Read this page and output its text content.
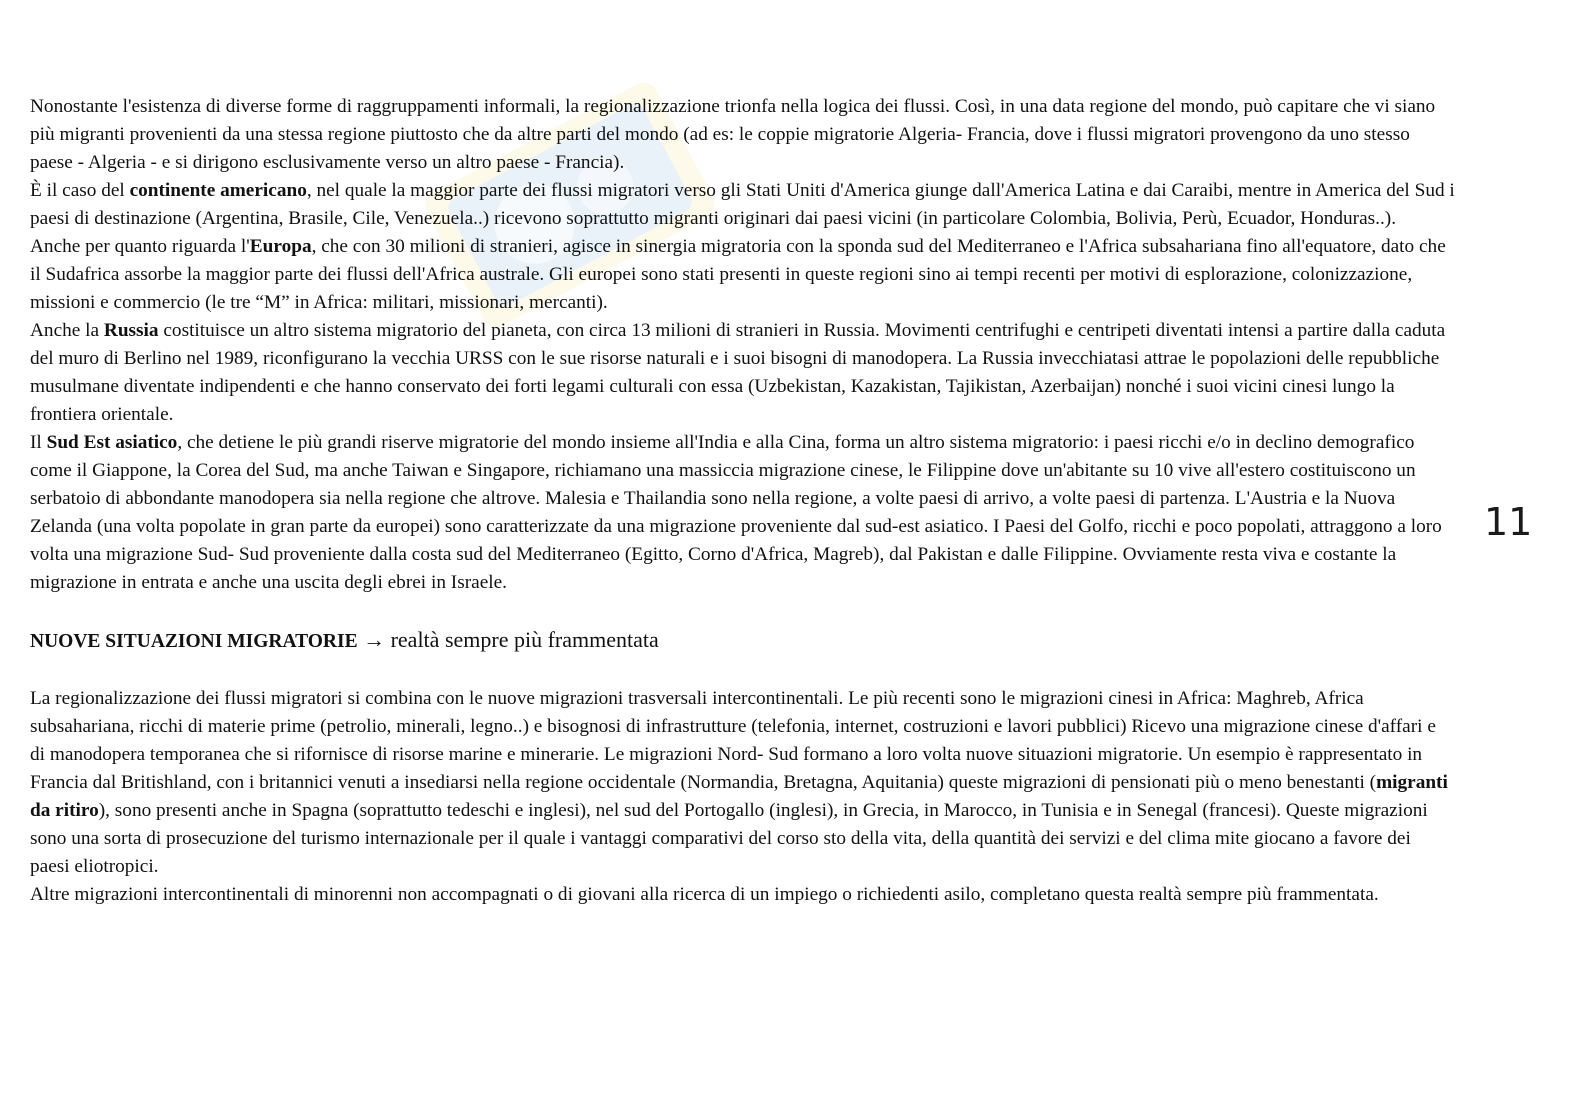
Nonostante l'esistenza di diverse forme di raggruppamenti informali, la regionalizzazione trionfa nella logica dei flussi. Così, in una data regione del mondo, può capitare che vi siano più migranti provenienti da una stessa regione piuttosto che da altre parti del mondo (ad es: le coppie migratorie Algeria- Francia, dove i flussi migratori provengono da uno stesso paese - Algeria - e si dirigono esclusivamente verso un altro paese - Francia).

È il caso del continente americano, nel quale la maggior parte dei flussi migratori verso gli Stati Uniti d'America giunge dall'America Latina e dai Caraibi, mentre in America del Sud i paesi di destinazione (Argentina, Brasile, Cile, Venezuela..) ricevono soprattutto migranti originari dai paesi vicini (in particolare Colombia, Bolivia, Perù, Ecuador, Honduras..).

Anche per quanto riguarda l'Europa, che con 30 milioni di stranieri, agisce in sinergia migratoria con la sponda sud del Mediterraneo e l'Africa subsahariana fino all'equatore, dato che il Sudafrica assorbe la maggior parte dei flussi dell'Africa australe. Gli europei sono stati presenti in queste regioni sino ai tempi recenti per motivi di esplorazione, colonizzazione, missioni e commercio (le tre “M” in Africa: militari, missionari, mercanti).

Anche la Russia costituisce un altro sistema migratorio del pianeta, con circa 13 milioni di stranieri in Russia. Movimenti centrifughi e centripeti diventati intensi a partire dalla caduta del muro di Berlino nel 1989, riconfigurano la vecchia URSS con le sue risorse naturali e i suoi bisogni di manodopera. La Russia invecchiatasi attrae le popolazioni delle repubbliche musulmane diventate indipendenti e che hanno conservato dei forti legami culturali con essa (Uzbekistan, Kazakistan, Tajikistan, Azerbaijan) nonché i suoi vicini cinesi lungo la frontiera orientale.

Il Sud Est asiatico, che detiene le più grandi riserve migratorie del mondo insieme all'India e alla Cina, forma un altro sistema migratorio: i paesi ricchi e/o in declino demografico come il Giappone, la Corea del Sud, ma anche Taiwan e Singapore, richiamano una massiccia migrazione cinese, le Filippine dove un'abitante su 10 vive all'estero costituiscono un serbatoio di abbondante manodopera sia nella regione che altrove. Malesia e Thailandia sono nella regione, a volte paesi di arrivo, a volte paesi di partenza. L'Austria e la Nuova Zelanda (una volta popolate in gran parte da europei) sono caratterizzate da una migrazione proveniente dal sud-est asiatico. I Paesi del Golfo, ricchi e poco popolati, attraggono a loro volta una migrazione Sud- Sud proveniente dalla costa sud del Mediterraneo (Egitto, Corno d'Africa, Magreb), dal Pakistan e dalle Filippine. Ovviamente resta viva e costante la migrazione in entrata e anche una uscita degli ebrei in Israele.

NUOVE SITUAZIONI MIGRATORIE → realtà sempre più frammentata

La regionalizzazione dei flussi migratori si combina con le nuove migrazioni trasversali intercontinentali. Le più recenti sono le migrazioni cinesi in Africa: Maghreb, Africa subsahariana, ricchi di materie prime (petrolio, minerali, legno..) e bisognosi di infrastrutture (telefonia, internet, costruzioni e lavori pubblici) Ricevo una migrazione cinese d'affari e di manodopera temporanea che si rifornisce di risorse marine e minerarie. Le migrazioni Nord- Sud formano a loro volta nuove situazioni migratorie. Un esempio è rappresentato in Francia dal Britishland, con i britannici venuti a insediarsi nella regione occidentale (Normandia, Bretagna, Aquitania) queste migrazioni di pensionati più o meno benestanti (migranti da ritiro), sono presenti anche in Spagna (soprattutto tedeschi e inglesi), nel sud del Portogallo (inglesi), in Grecia, in Marocco, in Tunisia e in Senegal (francesi). Queste migrazioni sono una sorta di prosecuzione del turismo internazionale per il quale i vantaggi comparativi del corso sto della vita, della quantità dei servizi e del clima mite giocano a favore dei paesi eliotropici.

Altre migrazioni intercontinentali di minorenni non accompagnati o di giovani alla ricerca di un impiego o richiedenti asilo, completano questa realtà sempre più frammentata.

11
